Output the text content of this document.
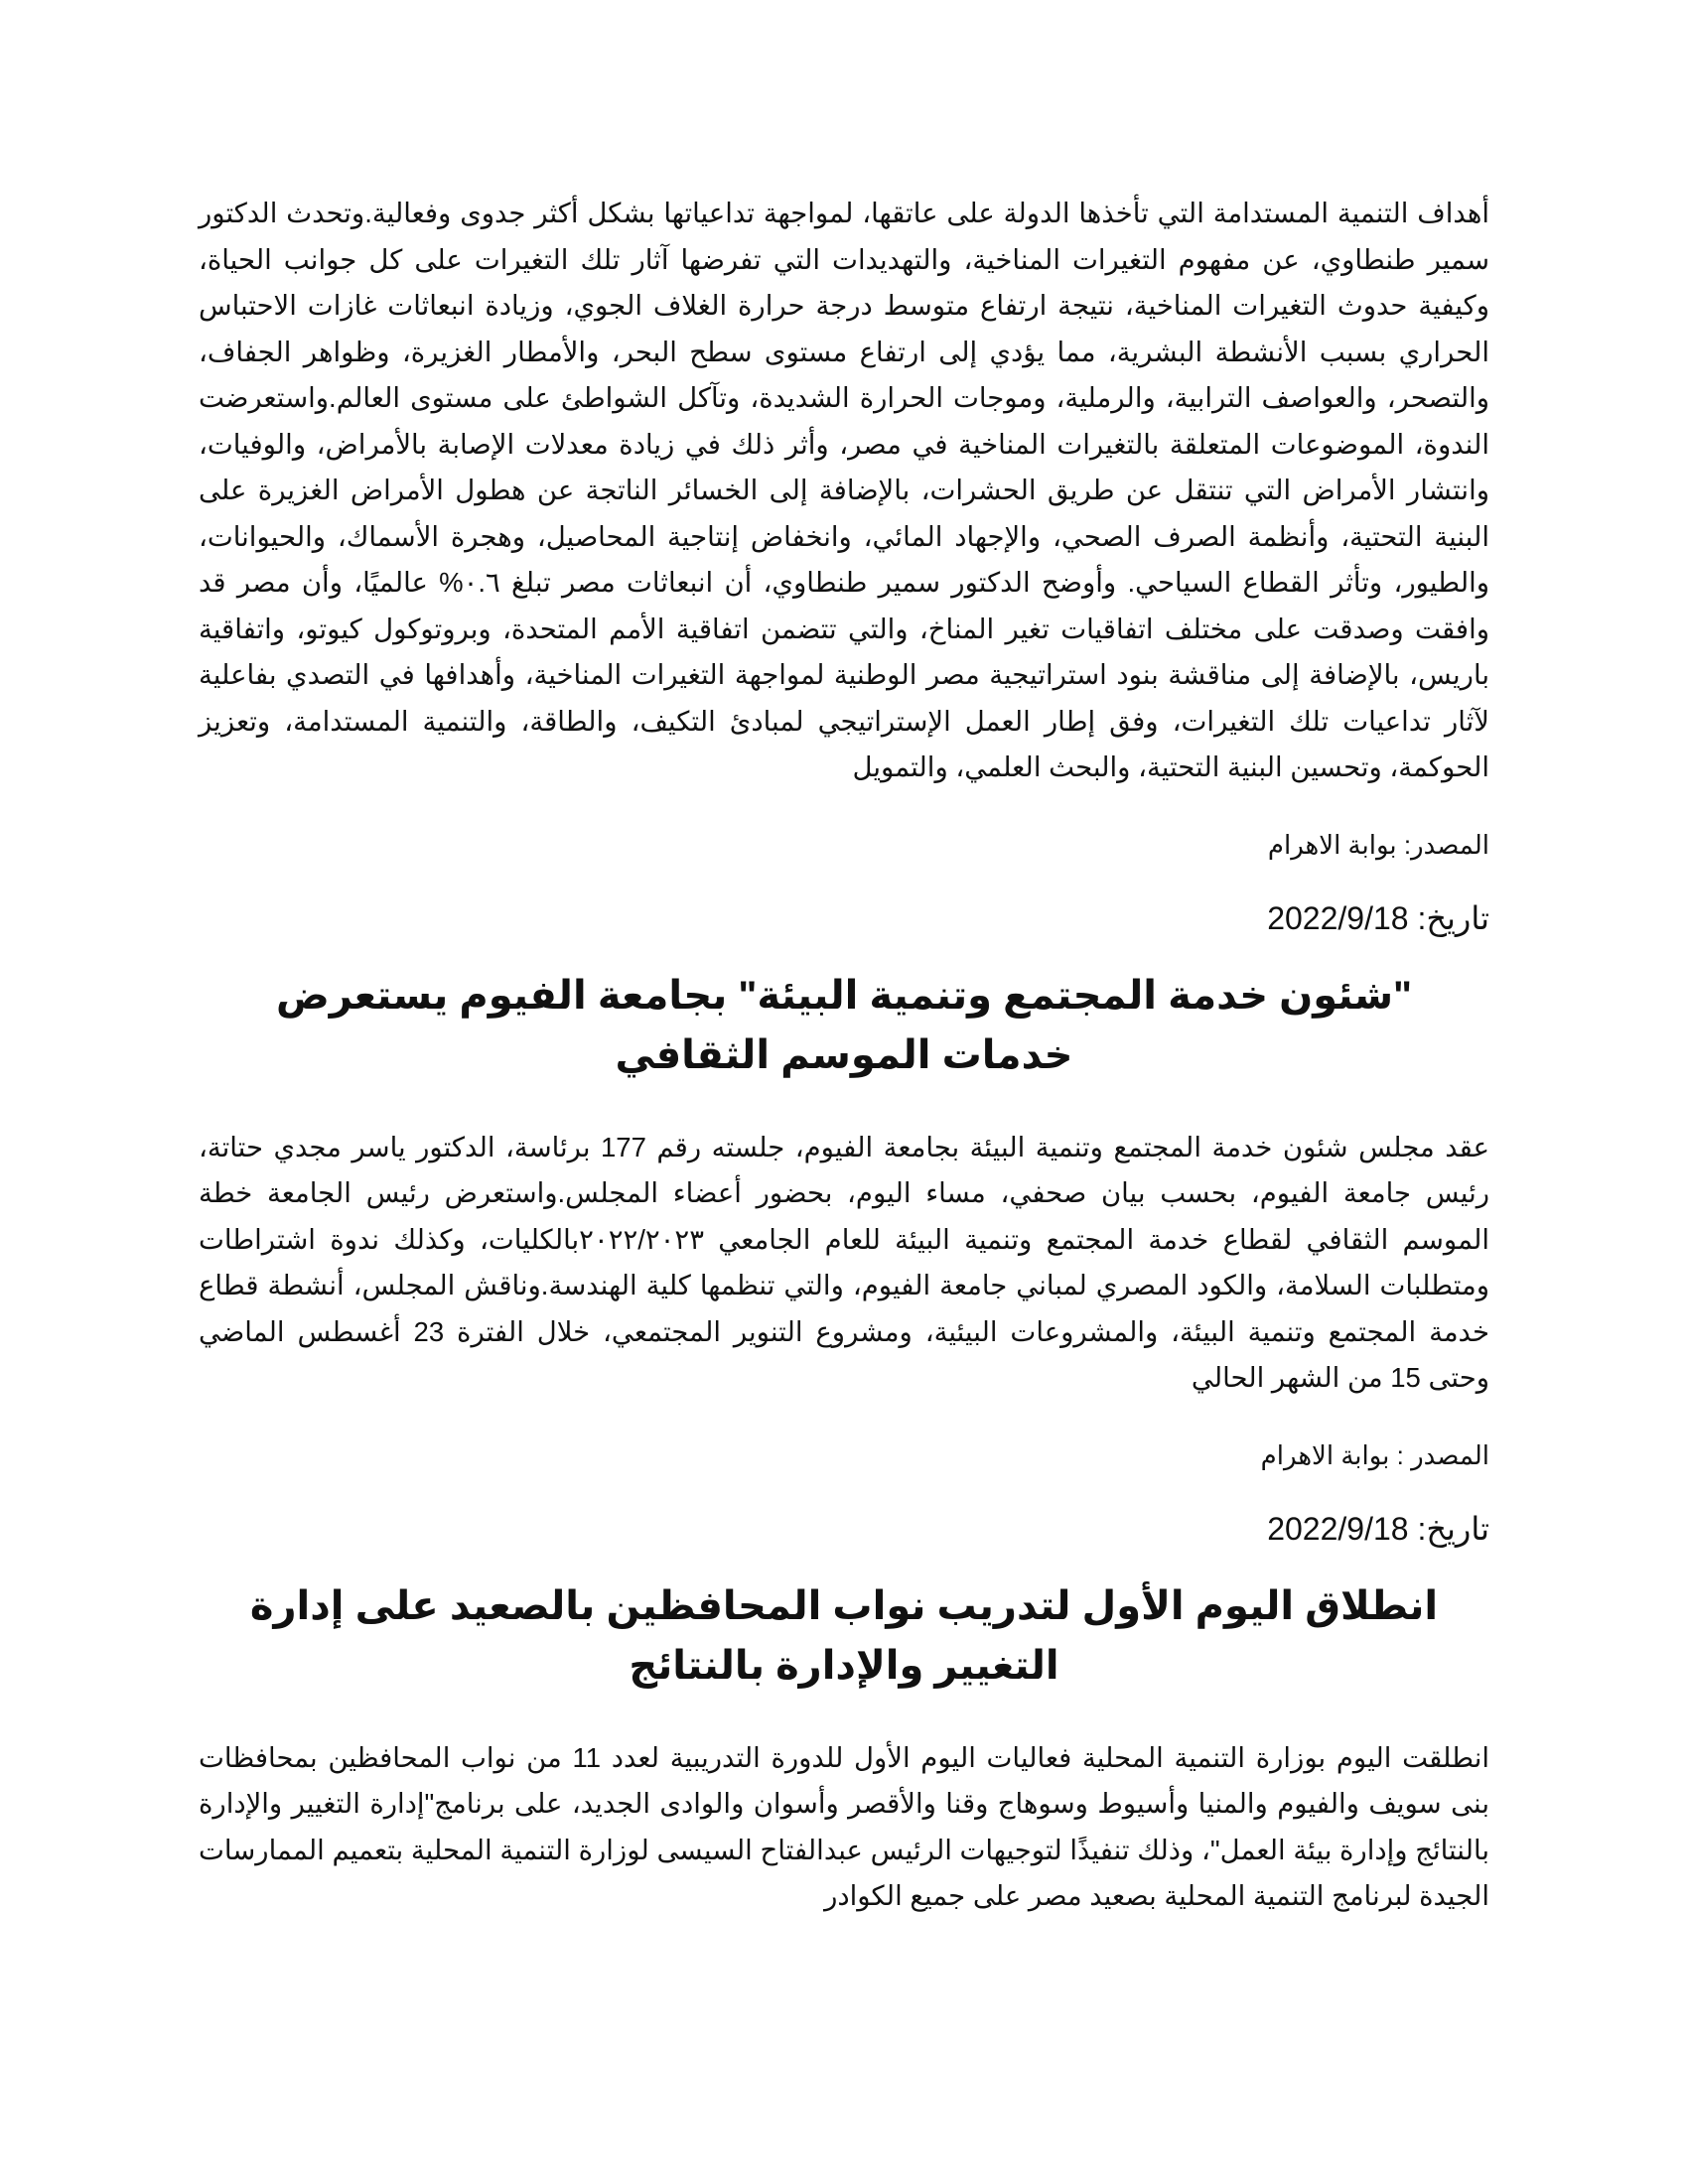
أهداف التنمية المستدامة التي تأخذها الدولة على عاتقها، لمواجهة تداعياتها بشكل أكثر جدوى وفعالية.وتحدث الدكتور سمير طنطاوي، عن مفهوم التغيرات المناخية، والتهديدات التي تفرضها آثار تلك التغيرات على كل جوانب الحياة، وكيفية حدوث التغيرات المناخية، نتيجة ارتفاع متوسط درجة حرارة الغلاف الجوي، وزيادة انبعاثات غازات الاحتباس الحراري بسبب الأنشطة البشرية، مما يؤدي إلى ارتفاع مستوى سطح البحر، والأمطار الغزيرة، وظواهر الجفاف، والتصحر، والعواصف الترابية، والرملية، وموجات الحرارة الشديدة، وتآكل الشواطئ على مستوى العالم.واستعرضت الندوة، الموضوعات المتعلقة بالتغيرات المناخية في مصر، وأثر ذلك في زيادة معدلات الإصابة بالأمراض، والوفيات، وانتشار الأمراض التي تنتقل عن طريق الحشرات، بالإضافة إلى الخسائر الناتجة عن هطول الأمراض الغزيرة على البنية التحتية، وأنظمة الصرف الصحي، والإجهاد المائي، وانخفاض إنتاجية المحاصيل، وهجرة الأسماك، والحيوانات، والطيور، وتأثر القطاع السياحي. وأوضح الدكتور سمير طنطاوي، أن انبعاثات مصر تبلغ ٠.٦% عالميًا، وأن مصر قد وافقت وصدقت على مختلف اتفاقيات تغير المناخ، والتي تتضمن اتفاقية الأمم المتحدة، وبروتوكول كيوتو، واتفاقية باريس، بالإضافة إلى مناقشة بنود استراتيجية مصر الوطنية لمواجهة التغيرات المناخية، وأهدافها في التصدي بفاعلية لآثار تداعيات تلك التغيرات، وفق إطار العمل الإستراتيجي لمبادئ التكيف، والطاقة، والتنمية المستدامة، وتعزيز الحوكمة، وتحسين البنية التحتية، والبحث العلمي، والتمويل

المصدر: بوابة الاهرام

تاريخ: 2022/9/18

"شئون خدمة المجتمع وتنمية البيئة" بجامعة الفيوم يستعرض خدمات الموسم الثقافي

عقد مجلس شئون خدمة المجتمع وتنمية البيئة بجامعة الفيوم، جلسته رقم 177 برئاسة، الدكتور ياسر مجدي حتاتة، رئيس جامعة الفيوم، بحسب بيان صحفي، مساء اليوم، بحضور أعضاء المجلس.واستعرض رئيس الجامعة خطة الموسم الثقافي لقطاع خدمة المجتمع وتنمية البيئة للعام الجامعي ٢٠٢٢/٢٠٢٣بالكليات، وكذلك ندوة اشتراطات ومتطلبات السلامة، والكود المصري لمباني جامعة الفيوم، والتي تنظمها كلية الهندسة.وناقش المجلس، أنشطة قطاع خدمة المجتمع وتنمية البيئة، والمشروعات البيئية، ومشروع التنوير المجتمعي، خلال الفترة 23 أغسطس الماضي وحتى 15 من الشهر الحالي

المصدر : بوابة الاهرام

تاريخ: 2022/9/18

انطلاق اليوم الأول لتدريب نواب المحافظين بالصعيد على إدارة التغيير والإدارة بالنتائج

انطلقت اليوم بوزارة التنمية المحلية فعاليات اليوم الأول للدورة التدريبية لعدد 11 من نواب المحافظين بمحافظات بنى سويف والفيوم والمنيا وأسيوط وسوهاج وقنا والأقصر وأسوان والوادى الجديد، على برنامج"إدارة التغيير والإدارة بالنتائج وإدارة بيئة العمل"، وذلك تنفيذًا لتوجيهات الرئيس عبدالفتاح السيسى لوزارة التنمية المحلية بتعميم الممارسات الجيدة لبرنامج التنمية المحلية بصعيد مصر على جميع الكوادر
